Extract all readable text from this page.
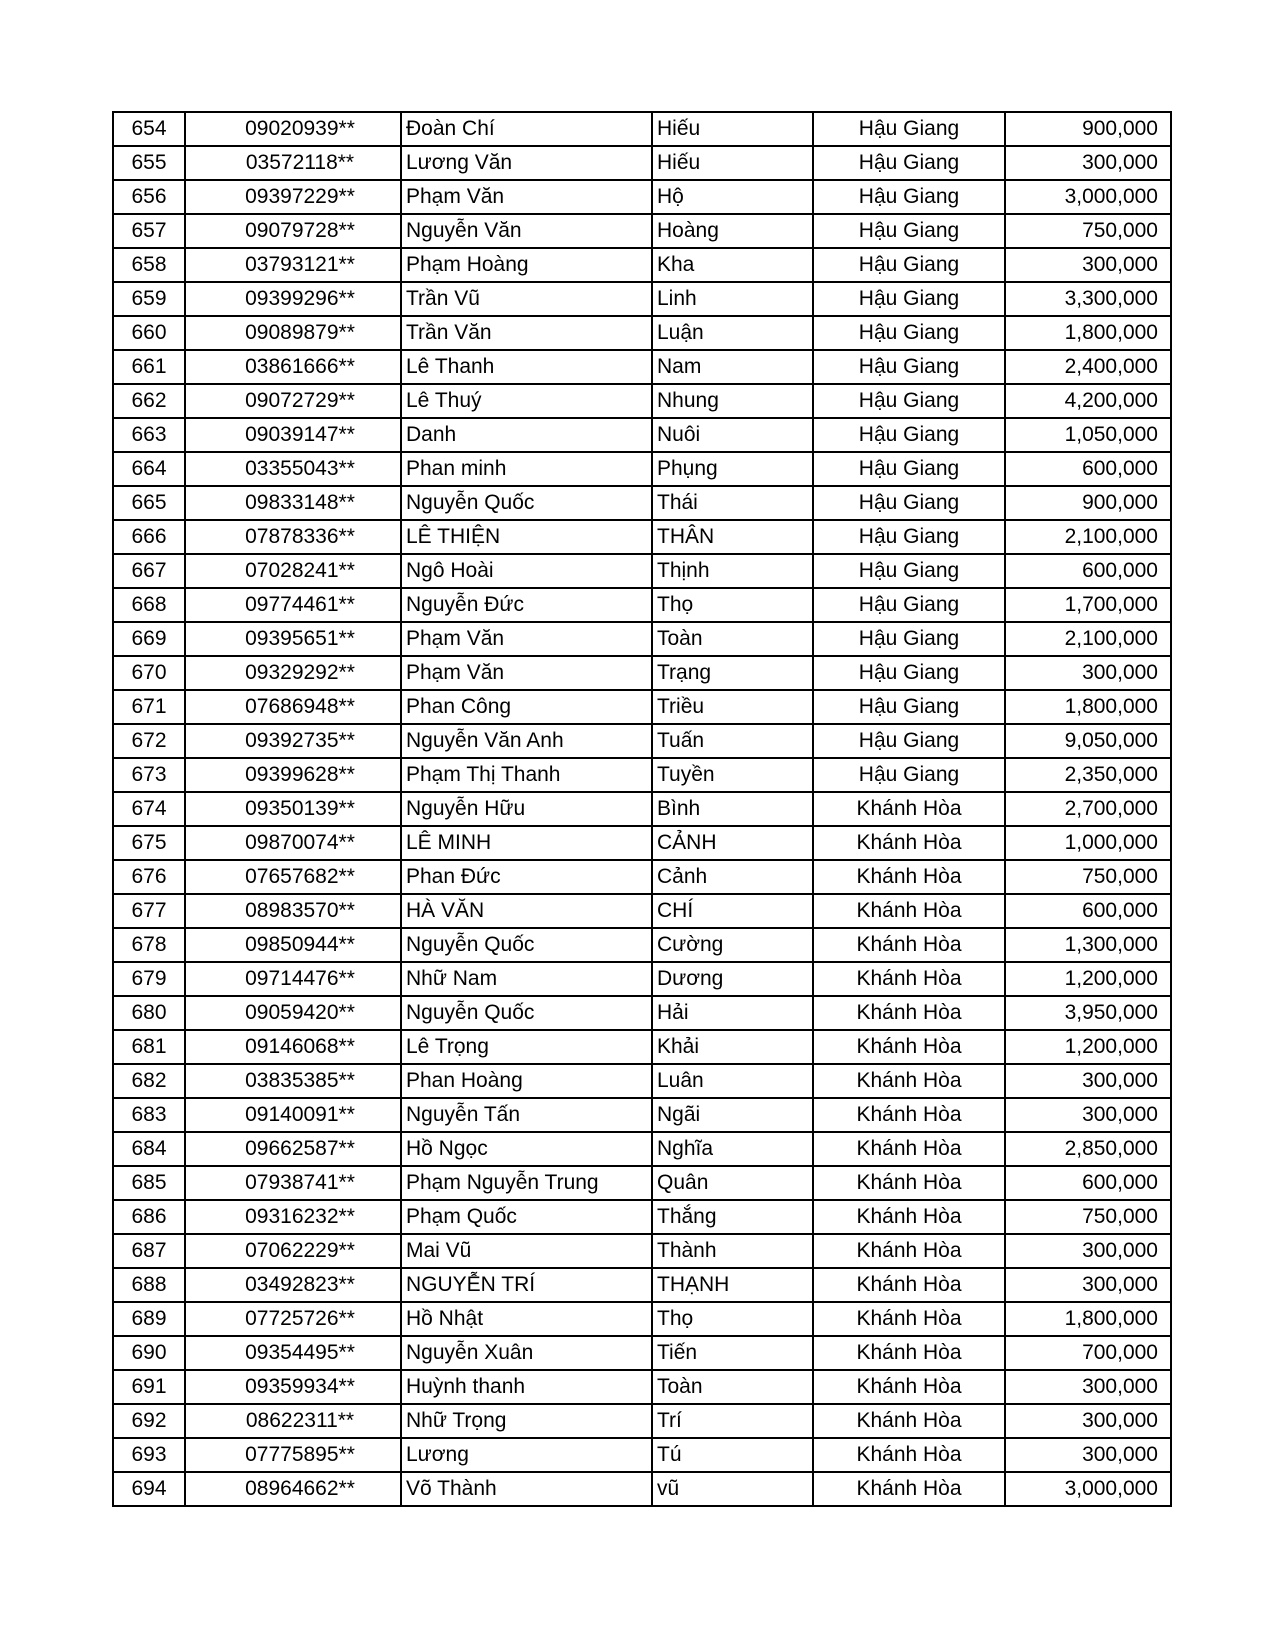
654	09020939**	Đoàn Chí	Hiếu	Hậu Giang	900,000
655	03572118**	Lương Văn	Hiếu	Hậu Giang	300,000
656	09397229**	Phạm Văn	Hộ	Hậu Giang	3,000,000
657	09079728**	Nguyễn Văn	Hoàng	Hậu Giang	750,000
658	03793121**	Phạm Hoàng	Kha	Hậu Giang	300,000
659	09399296**	Trần Vũ	Linh	Hậu Giang	3,300,000
660	09089879**	Trần Văn	Luận	Hậu Giang	1,800,000
661	03861666**	Lê Thanh	Nam	Hậu Giang	2,400,000
662	09072729**	Lê Thuý	Nhung	Hậu Giang	4,200,000
663	09039147**	Danh	Nuôi	Hậu Giang	1,050,000
664	03355043**	Phan minh	Phụng	Hậu Giang	600,000
665	09833148**	Nguyễn Quốc	Thái	Hậu Giang	900,000
666	07878336**	LÊ THIỆN	THÂN	Hậu Giang	2,100,000
667	07028241**	Ngô Hoài	Thịnh	Hậu Giang	600,000
668	09774461**	Nguyễn Đức	Thọ	Hậu Giang	1,700,000
669	09395651**	Phạm Văn	Toàn	Hậu Giang	2,100,000
670	09329292**	Phạm Văn	Trạng	Hậu Giang	300,000
671	07686948**	Phan Công	Triều	Hậu Giang	1,800,000
672	09392735**	Nguyễn Văn Anh	Tuấn	Hậu Giang	9,050,000
673	09399628**	Phạm Thị Thanh	Tuyền	Hậu Giang	2,350,000
674	09350139**	Nguyễn Hữu	Bình	Khánh Hòa	2,700,000
675	09870074**	LÊ MINH	CẢNH	Khánh Hòa	1,000,000
676	07657682**	Phan Đức	Cảnh	Khánh Hòa	750,000
677	08983570**	HÀ VĂN	CHÍ	Khánh Hòa	600,000
678	09850944**	Nguyễn Quốc	Cường	Khánh Hòa	1,300,000
679	09714476**	Nhữ Nam	Dương	Khánh Hòa	1,200,000
680	09059420**	Nguyễn Quốc	Hải	Khánh Hòa	3,950,000
681	09146068**	Lê Trọng	Khải	Khánh Hòa	1,200,000
682	03835385**	Phan Hoàng	Luân	Khánh Hòa	300,000
683	09140091**	Nguyễn Tấn	Ngãi	Khánh Hòa	300,000
684	09662587**	Hồ Ngọc	Nghĩa	Khánh Hòa	2,850,000
685	07938741**	Phạm Nguyễn Trung	Quân	Khánh Hòa	600,000
686	09316232**	Phạm Quốc	Thắng	Khánh Hòa	750,000
687	07062229**	Mai Vũ	Thành	Khánh Hòa	300,000
688	03492823**	NGUYỄN TRÍ	THẠNH	Khánh Hòa	300,000
689	07725726**	Hồ Nhật	Thọ	Khánh Hòa	1,800,000
690	09354495**	Nguyễn Xuân	Tiến	Khánh Hòa	700,000
691	09359934**	Huỳnh thanh	Toàn	Khánh Hòa	300,000
692	08622311**	Nhữ Trọng	Trí	Khánh Hòa	300,000
693	07775895**	Lương	Tú	Khánh Hòa	300,000
694	08964662**	Võ Thành	vũ	Khánh Hòa	3,000,000
